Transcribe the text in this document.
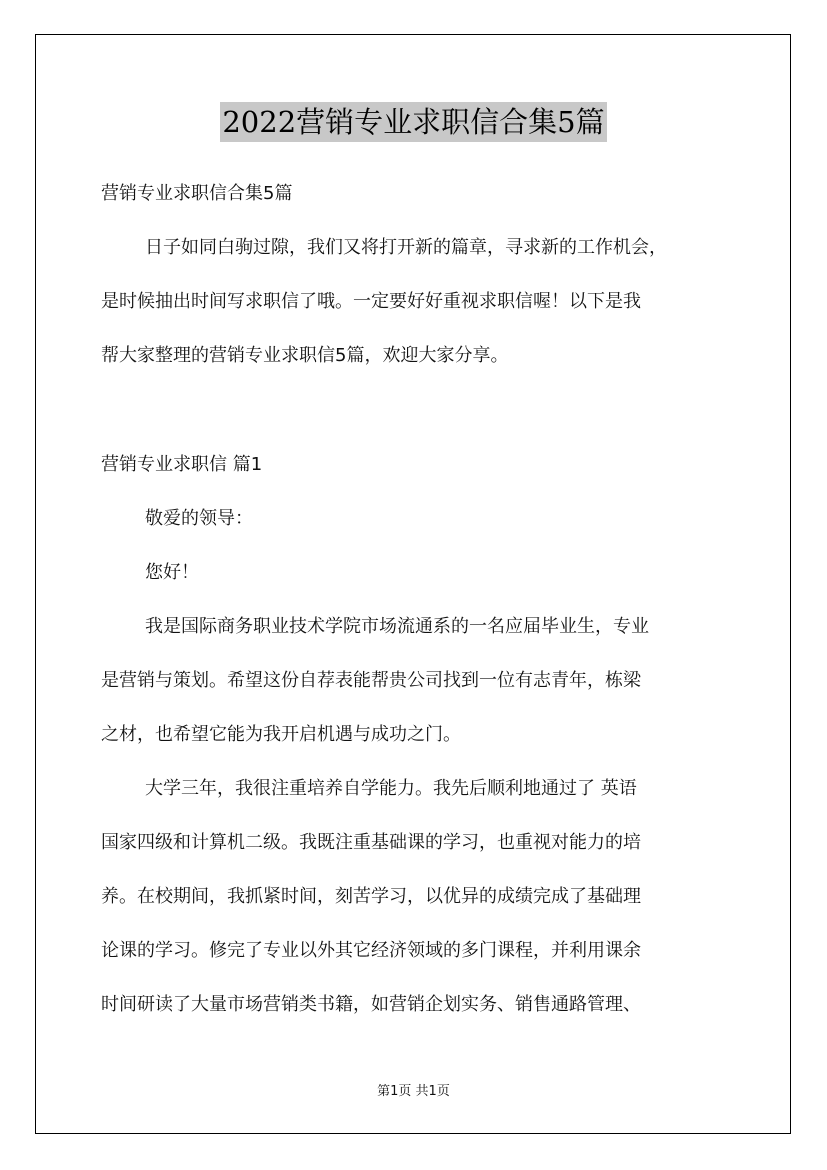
2022营销专业求职信合集5篇
营销专业求职信合集5篇
日子如同白驹过隙，我们又将打开新的篇章，寻求新的工作机会，
是时候抽出时间写求职信了哦。一定要好好重视求职信喔！以下是我
帮大家整理的营销专业求职信5篇，欢迎大家分享。
营销专业求职信 篇1
敬爱的领导：
您好！
我是国际商务职业技术学院市场流通系的一名应届毕业生，专业
是营销与策划。希望这份自荐表能帮贵公司找到一位有志青年，栋梁
之材，也希望它能为我开启机遇与成功之门。
大学三年，我很注重培养自学能力。我先后顺利地通过了 英语
国家四级和计算机二级。我既注重基础课的学习，也重视对能力的培
养。在校期间，我抓紧时间，刻苦学习，以优异的成绩完成了基础理
论课的学习。修完了专业以外其它经济领域的多门课程，并利用课余
时间研读了大量市场营销类书籍，如营销企划实务、销售通路管理、
第1页 共1页
